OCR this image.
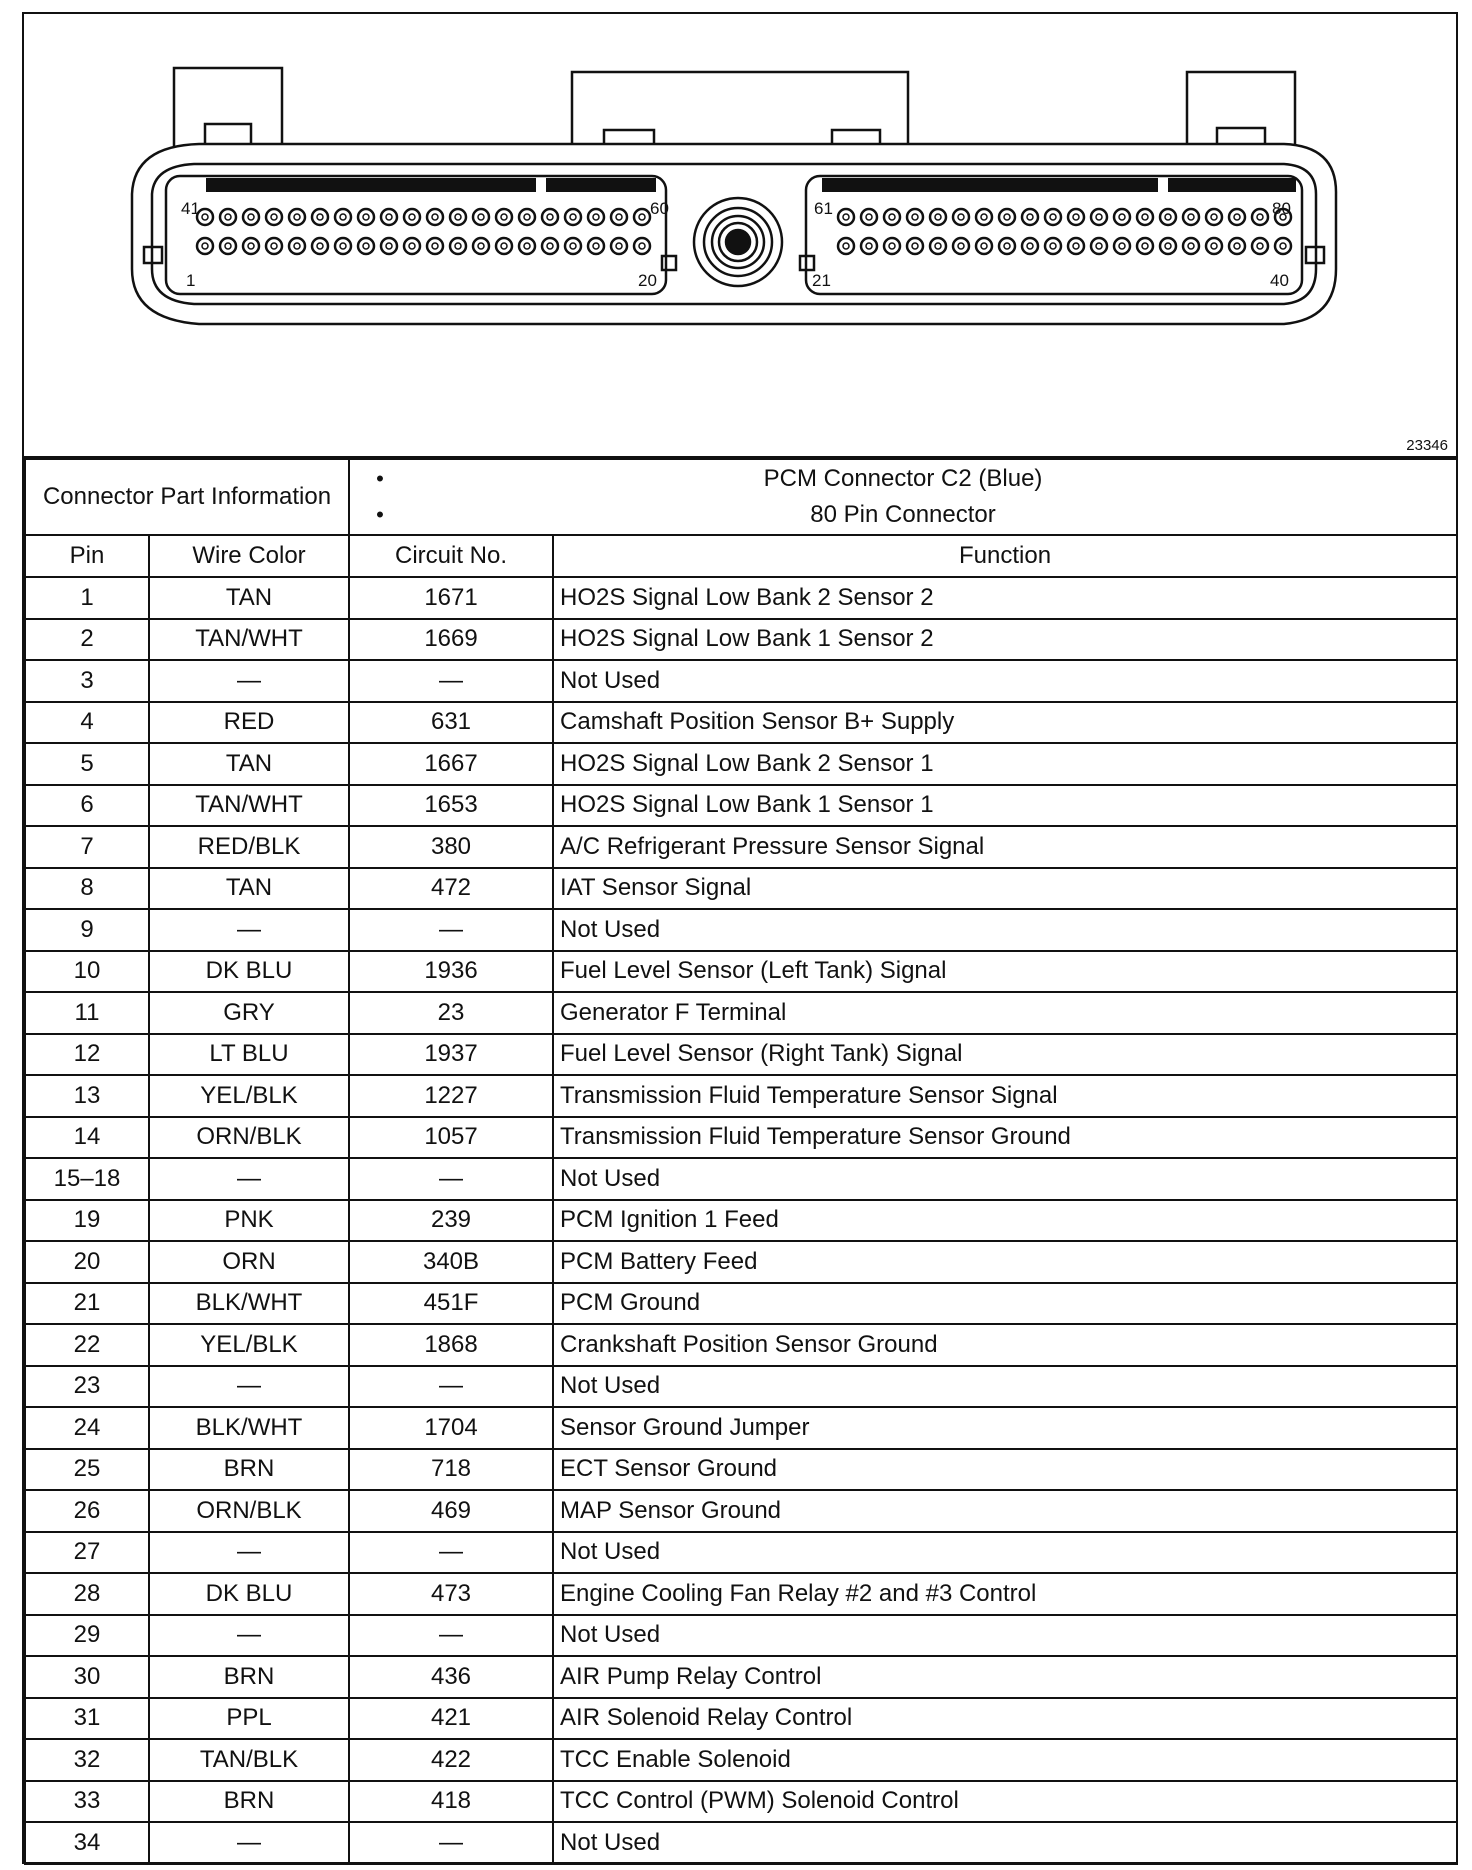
41	60
1	20
61	80
21	40
23346
Connector Part Information		• PCM Connector C2 (Blue)
• 80 Pin Connector	

Pin	Wire Color	Circuit No.	Function
1	TAN	1671	HO2S Signal Low Bank 2 Sensor 2
2	TAN/WHT	1669	HO2S Signal Low Bank 1 Sensor 2
3	—	—	Not Used
4	RED	631	Camshaft Position Sensor B+ Supply
5	TAN	1667	HO2S Signal Low Bank 2 Sensor 1
6	TAN/WHT	1653	HO2S Signal Low Bank 1 Sensor 1
7	RED/BLK	380	A/C Refrigerant Pressure Sensor Signal
8	TAN	472	IAT Sensor Signal
9	—	—	Not Used
10	DK BLU	1936	Fuel Level Sensor (Left Tank) Signal
11	GRY	23	Generator F Terminal
12	LT BLU	1937	Fuel Level Sensor (Right Tank) Signal
13	YEL/BLK	1227	Transmission Fluid Temperature Sensor Signal
14	ORN/BLK	1057	Transmission Fluid Temperature Sensor Ground
15–18	—	—	Not Used
19	PNK	239	PCM Ignition 1 Feed
20	ORN	340B	PCM Battery Feed
21	BLK/WHT	451F	PCM Ground
22	YEL/BLK	1868	Crankshaft Position Sensor Ground
23	—	—	Not Used
24	BLK/WHT	1704	Sensor Ground Jumper
25	BRN	718	ECT Sensor Ground
26	ORN/BLK	469	MAP Sensor Ground
27	—	—	Not Used
28	DK BLU	473	Engine Cooling Fan Relay #2 and #3 Control
29	—	—	Not Used
30	BRN	436	AIR Pump Relay Control
31	PPL	421	AIR Solenoid Relay Control
32	TAN/BLK	422	TCC Enable Solenoid
33	BRN	418	TCC Control (PWM) Solenoid Control
34	—	—	Not Used
